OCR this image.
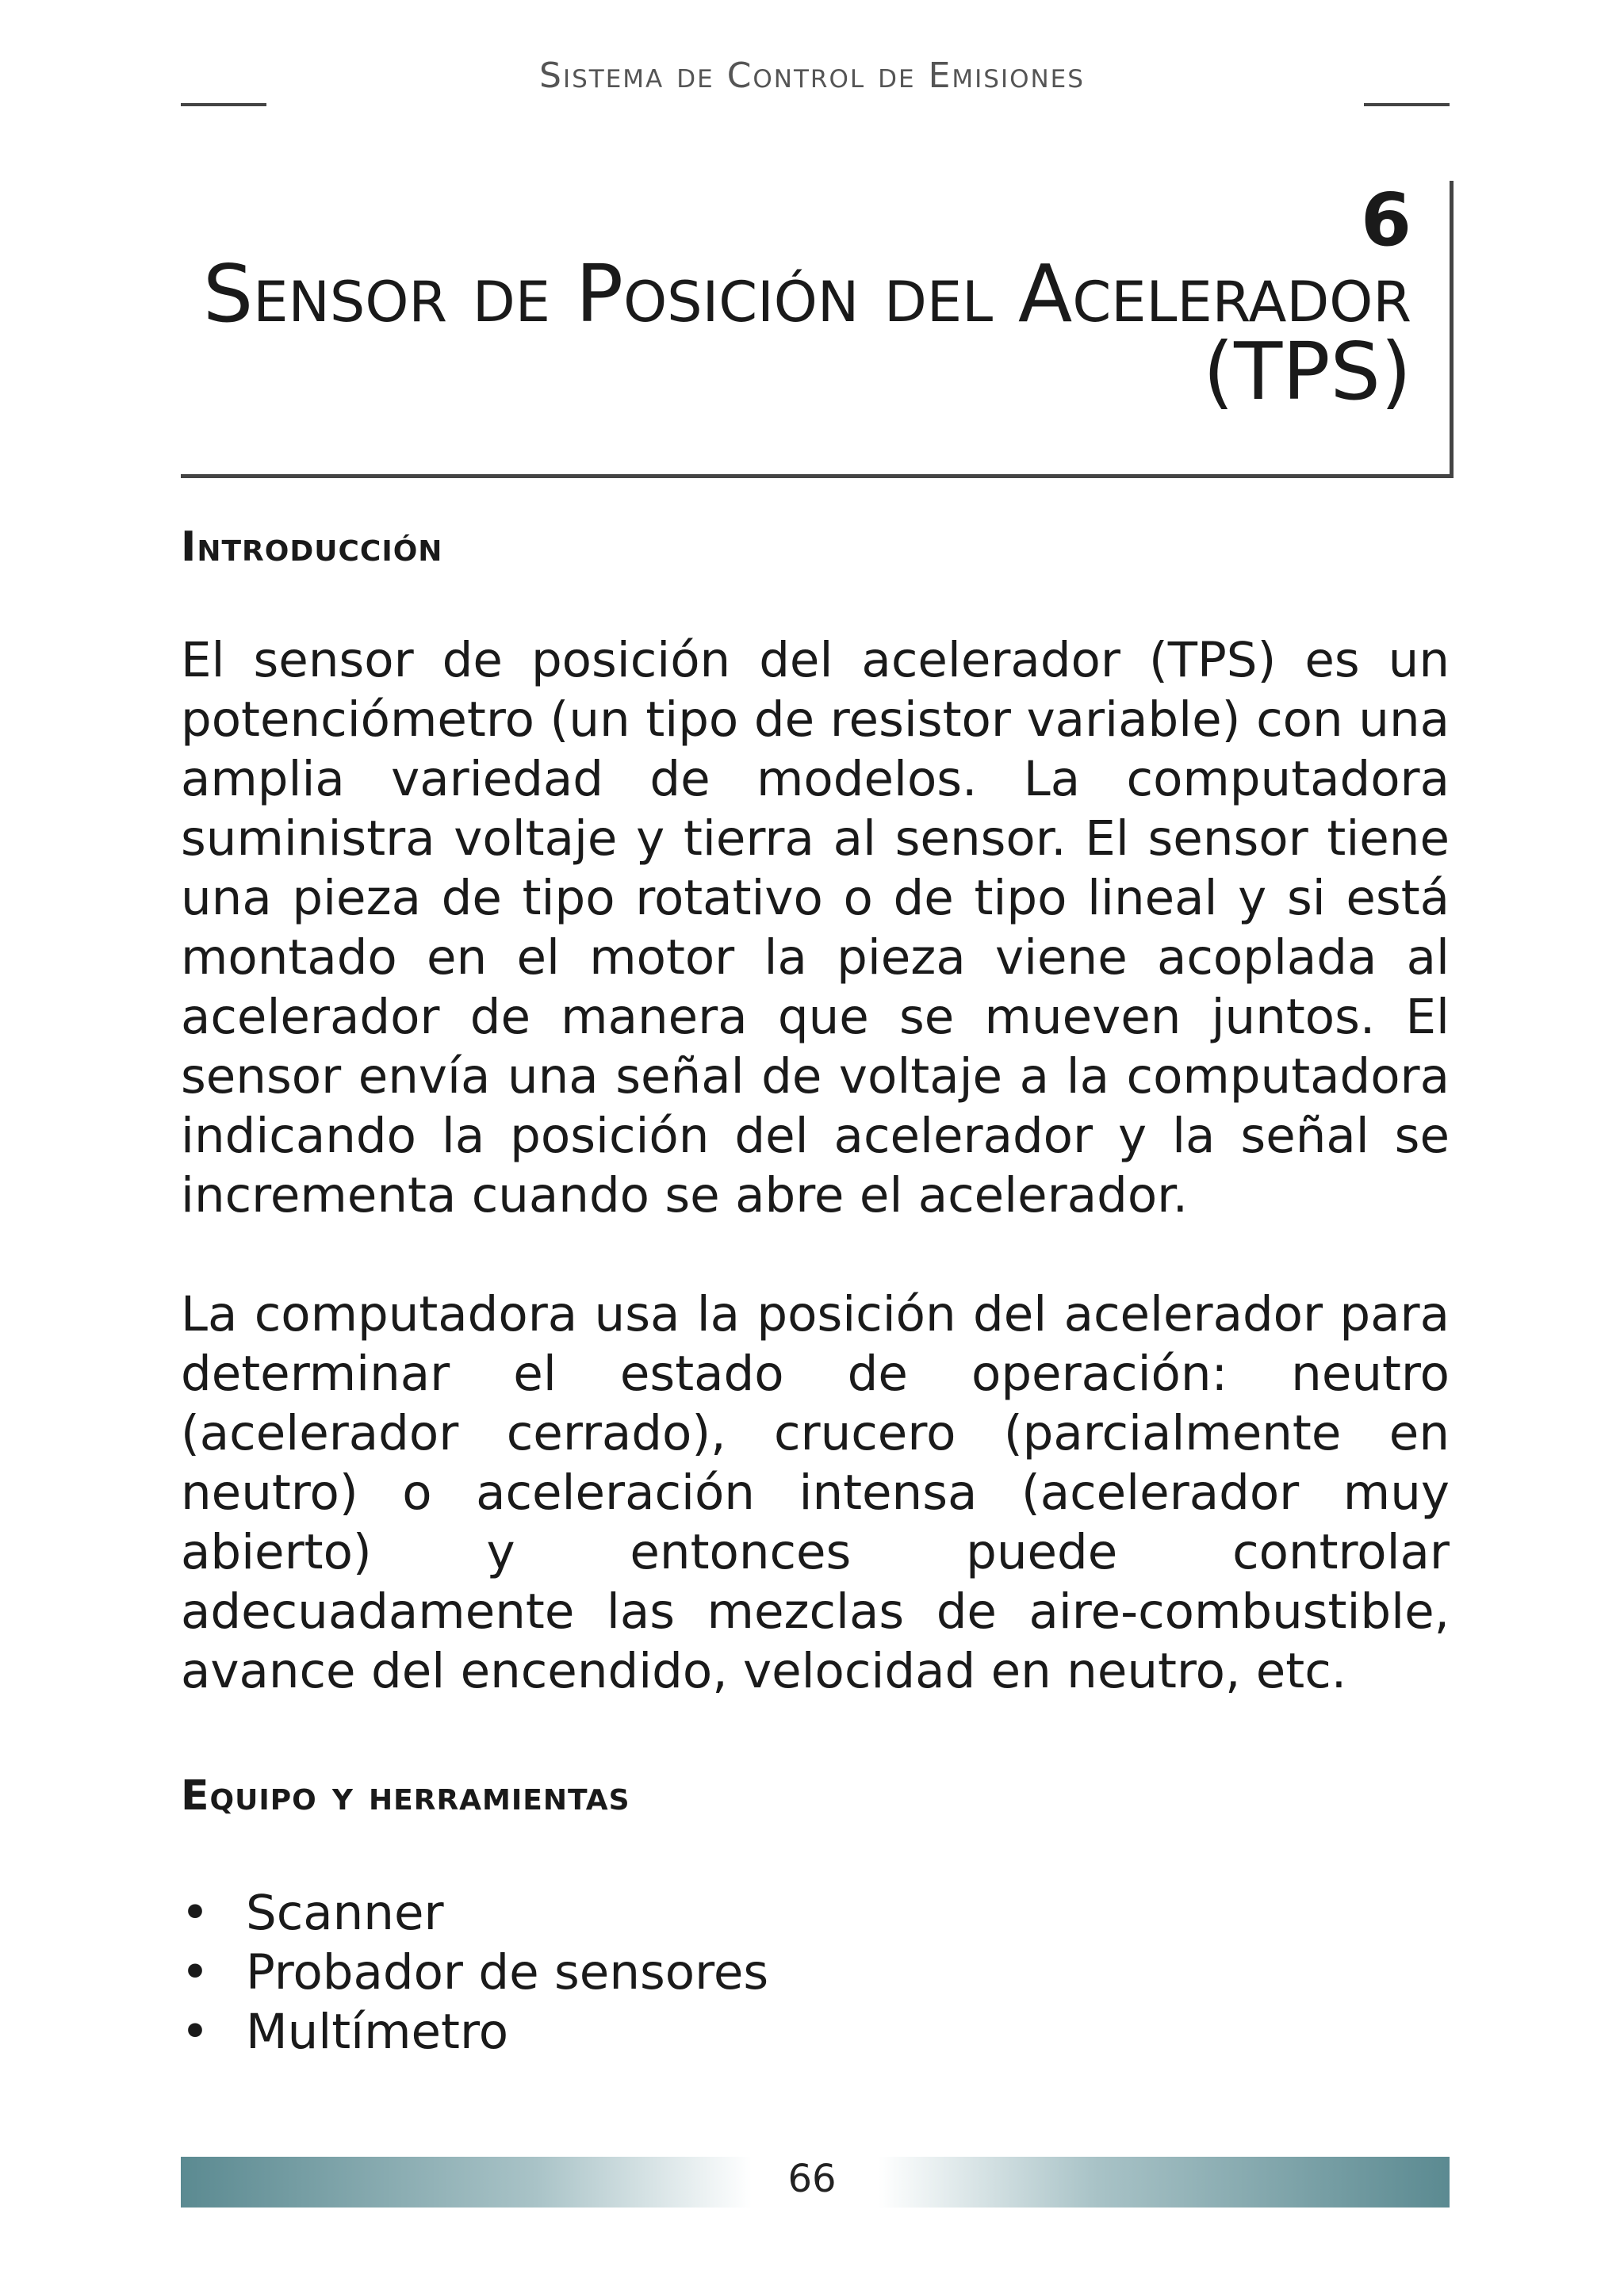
Sistema de Control de Emisiones
6
Sensor de Posición del Acelerador
(TPS)
Introducción
El sensor de posición del acelerador (TPS) es un potenciómetro (un tipo de resistor variable) con una amplia variedad de modelos. La computadora suministra voltaje y tierra al sensor. El sensor tiene una pieza de tipo rotativo o de tipo lineal y si está montado en el motor la pieza viene acoplada al acelerador de manera que se mueven juntos. El sensor envía una señal de voltaje a la computadora indicando la posición del acelerador y la señal se incrementa cuando se abre el acelerador.
La computadora usa la posición del acelerador para determinar el estado de operación: neutro (acelerador cerrado), crucero (parcialmente en neutro) o aceleración intensa (acelerador muy abierto) y entonces puede controlar adecuadamente las mezclas de aire-combustible, avance del encendido, velocidad en neutro, etc.
Equipo y herramientas
• Scanner
• Probador de sensores
• Multímetro
66
